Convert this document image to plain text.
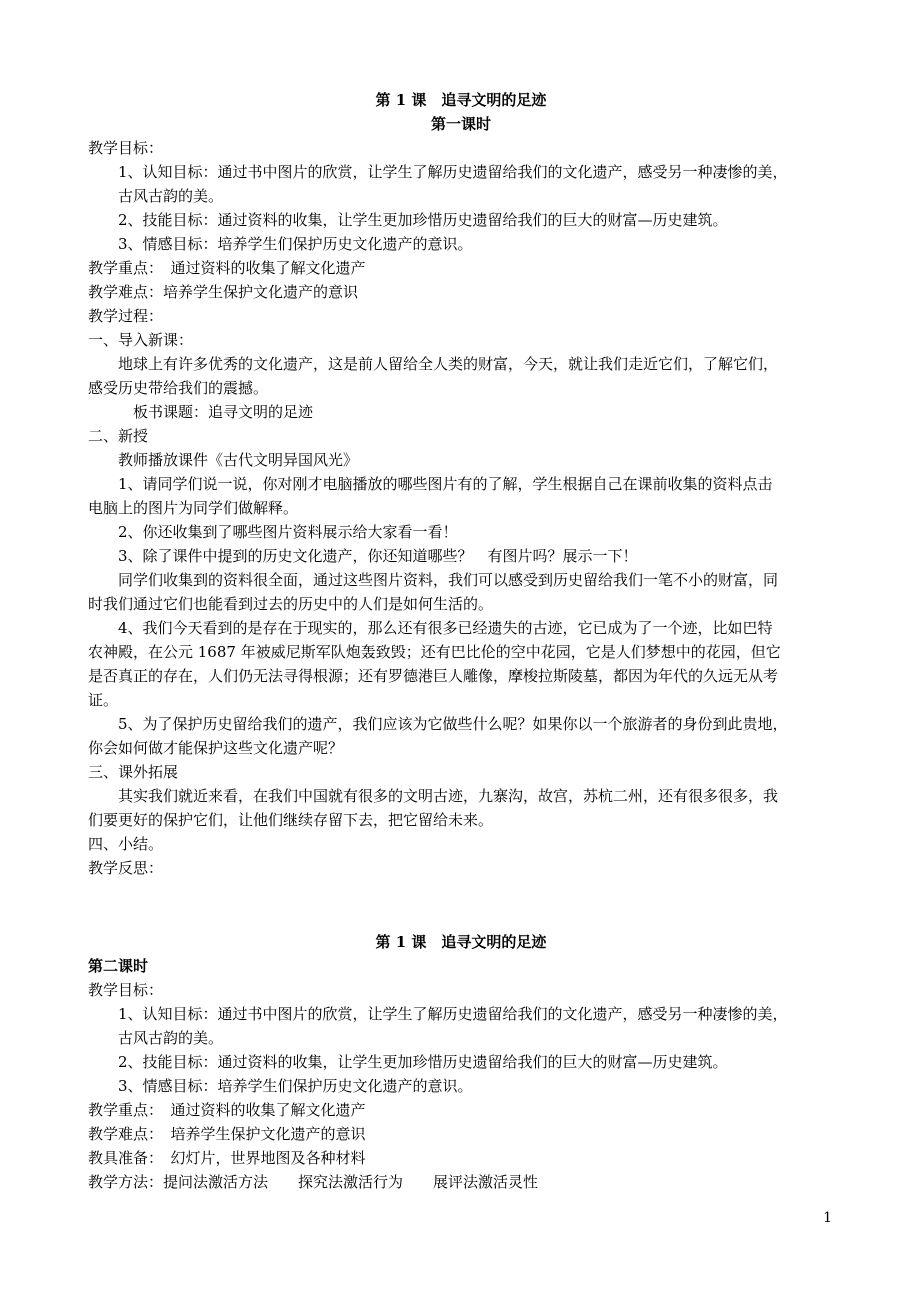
第 1 课　追寻文明的足迹
第一课时
教学目标：
1、认知目标：通过书中图片的欣赏，让学生了解历史遗留给我们的文化遗产，感受另一种凄惨的美，
古风古韵的美。
2、技能目标：通过资料的收集，让学生更加珍惜历史遗留给我们的巨大的财富—历史建筑。
3、情感目标：培养学生们保护历史文化遗产的意识。
教学重点：　通过资料的收集了解文化遗产
教学难点：培养学生保护文化遗产的意识
教学过程：
一、导入新课：
地球上有许多优秀的文化遗产，这是前人留给全人类的财富，今天，就让我们走近它们，了解它们，
感受历史带给我们的震撼。
板书课题：追寻文明的足迹
二、新授
教师播放课件《古代文明异国风光》
1、请同学们说一说，你对刚才电脑播放的哪些图片有的了解，学生根据自己在课前收集的资料点击
电脑上的图片为同学们做解释。
2、你还收集到了哪些图片资料展示给大家看一看！
3、除了课件中提到的历史文化遗产，你还知道哪些？　有图片吗？展示一下！
同学们收集到的资料很全面，通过这些图片资料，我们可以感受到历史留给我们一笔不小的财富，同
时我们通过它们也能看到过去的历史中的人们是如何生活的。
4、我们今天看到的是存在于现实的，那么还有很多已经遗失的古迹，它已成为了一个迹，比如巴特
农神殿，在公元 1687 年被威尼斯军队炮轰致毁；还有巴比伦的空中花园，它是人们梦想中的花园，但它
是否真正的存在，人们仍无法寻得根源；还有罗德港巨人雕像，摩梭拉斯陵墓，都因为年代的久远无从考
证。
5、为了保护历史留给我们的遗产，我们应该为它做些什么呢？如果你以一个旅游者的身份到此贵地，
你会如何做才能保护这些文化遗产呢？
三、课外拓展
其实我们就近来看，在我们中国就有很多的文明古迹，九寨沟，故宫，苏杭二州，还有很多很多，我
们要更好的保护它们，让他们继续存留下去，把它留给未来。
四、小结。
教学反思：
第 1 课　追寻文明的足迹
第二课时
教学目标：
1、认知目标：通过书中图片的欣赏，让学生了解历史遗留给我们的文化遗产，感受另一种凄惨的美，
古风古韵的美。
2、技能目标：通过资料的收集，让学生更加珍惜历史遗留给我们的巨大的财富—历史建筑。
3、情感目标：培养学生们保护历史文化遗产的意识。
教学重点：　通过资料的收集了解文化遗产
教学难点：　培养学生保护文化遗产的意识
教具准备：　幻灯片，世界地图及各种材料
教学方法：提问法激活方法　　探究法激活行为　　展评法激活灵性
1
